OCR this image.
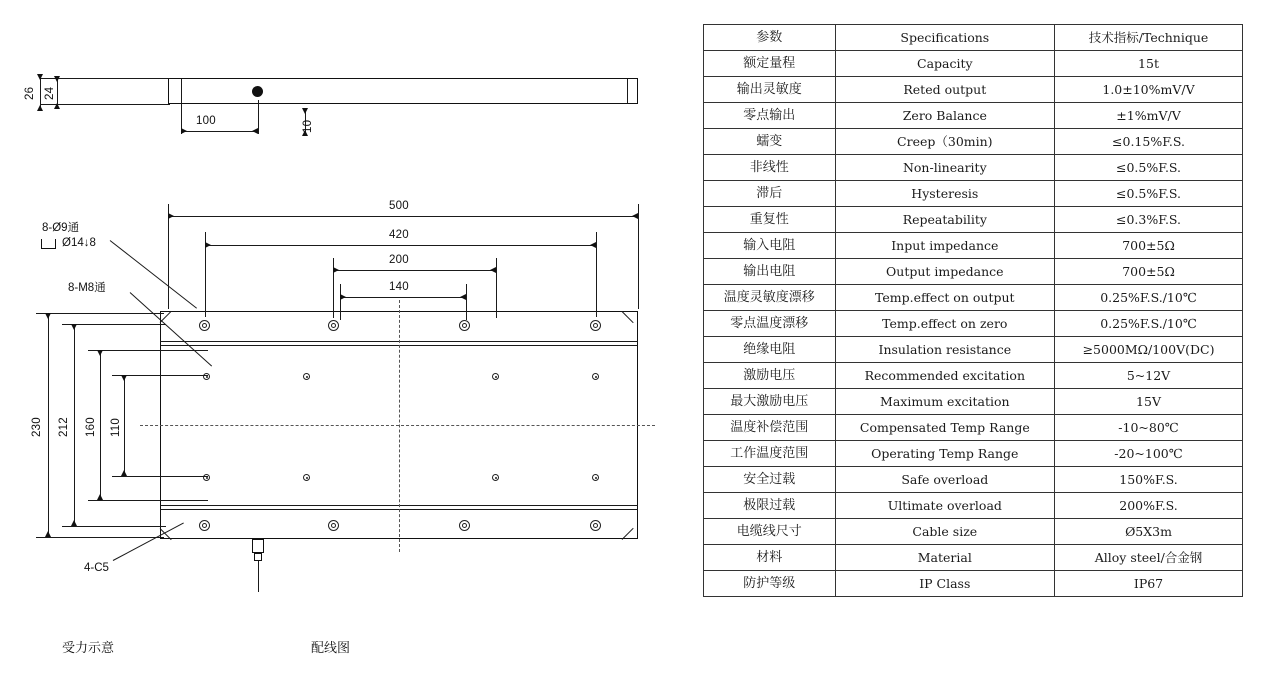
26 24
100	10
500
420
200
140
230 212 160 110
8-Ø9通
Ø14↓8
8-M8通
4-C5
受力示意	配线图
参数	Specifications	技术指标/Technique
额定量程	Capacity	15t
输出灵敏度	Reted output	1.0±10%mV/V
零点输出	Zero Balance	±1%mV/V
蠕变	Creep（30min)	≤0.15%F.S.
非线性	Non-linearity	≤0.5%F.S.
滞后	Hysteresis	≤0.5%F.S.
重复性	Repeatability	≤0.3%F.S.
输入电阻	Input impedance	700±5Ω
输出电阻	Output impedance	700±5Ω
温度灵敏度漂移	Temp.effect on output	0.25%F.S./10℃
零点温度漂移	Temp.effect on zero	0.25%F.S./10℃
绝缘电阻	Insulation resistance	≥5000MΩ/100V(DC)
激励电压	Recommended excitation	5~12V
最大激励电压	Maximum excitation	15V
温度补偿范围	Compensated Temp Range	-10~80℃
工作温度范围	Operating Temp Range	-20~100℃
安全过载	Safe overload	150%F.S.
极限过载	Ultimate overload	200%F.S.
电缆线尺寸	Cable size	Ø5X3m
材料	Material	Alloy steel/合金钢
防护等级	IP Class	IP67
